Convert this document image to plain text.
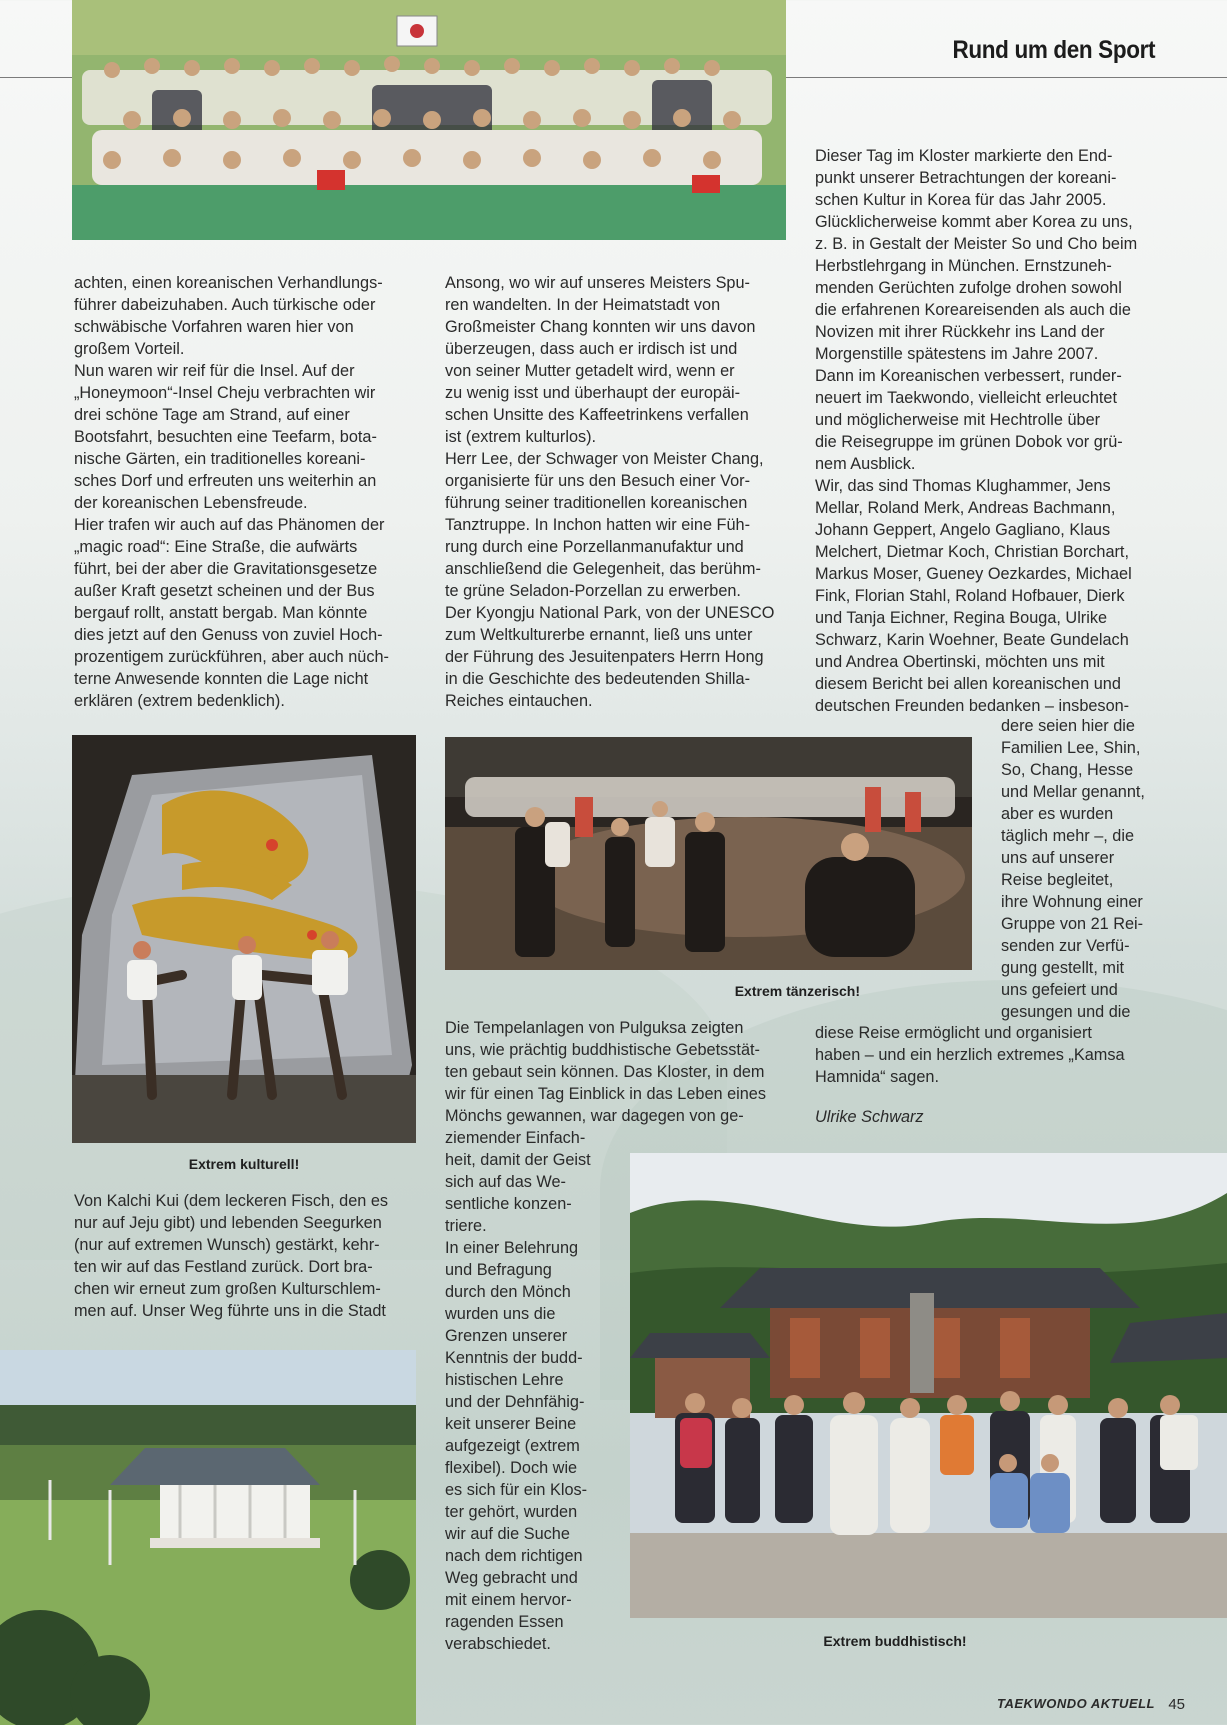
Rund um den Sport
achten, einen koreanischen Verhandlungs-
führer dabeizuhaben. Auch türkische oder
schwäbische Vorfahren waren hier von
großem Vorteil.
Nun waren wir reif für die Insel. Auf der
„Honeymoon“-Insel Cheju verbrachten wir
drei schöne Tage am Strand, auf einer
Bootsfahrt, besuchten eine Teefarm, bota-
nische Gärten, ein traditionelles koreani-
sches Dorf und erfreuten uns weiterhin an
der koreanischen Lebensfreude.
Hier trafen wir auch auf das Phänomen der
„magic road“: Eine Straße, die aufwärts
führt, bei der aber die Gravitationsgesetze
außer Kraft gesetzt scheinen und der Bus
bergauf rollt, anstatt bergab. Man könnte
dies jetzt auf den Genuss von zuviel Hoch-
prozentigem zurückführen, aber auch nüch-
terne Anwesende konnten die Lage nicht
erklären (extrem bedenklich).
Ansong, wo wir auf unseres Meisters Spu-
ren wandelten. In der Heimatstadt von
Großmeister Chang konnten wir uns davon
überzeugen, dass auch er irdisch ist und
von seiner Mutter getadelt wird, wenn er
zu wenig isst und überhaupt der europäi-
schen Unsitte des Kaffeetrinkens verfallen
ist (extrem kulturlos).
Herr Lee, der Schwager von Meister Chang,
organisierte für uns den Besuch einer Vor-
führung seiner traditionellen koreanischen
Tanztruppe. In Inchon hatten wir eine Füh-
rung durch eine Porzellanmanufaktur und
anschließend die Gelegenheit, das berühm-
te grüne Seladon-Porzellan zu erwerben.
Der Kyongju National Park, von der UNESCO
zum Weltkulturerbe ernannt, ließ uns unter
der Führung des Jesuitenpaters Herrn Hong
in die Geschichte des bedeutenden Shilla-
Reiches eintauchen.
Dieser Tag im Kloster markierte den End-
punkt unserer Betrachtungen der koreani-
schen Kultur in Korea für das Jahr 2005.
Glücklicherweise kommt aber Korea zu uns,
z. B. in Gestalt der Meister So und Cho beim
Herbstlehrgang in München. Ernstzuneh-
menden Gerüchten zufolge drohen sowohl
die erfahrenen Koreareisenden als auch die
Novizen mit ihrer Rückkehr ins Land der
Morgenstille spätestens im Jahre 2007.
Dann im Koreanischen verbessert, runder-
neuert im Taekwondo, vielleicht erleuchtet
und möglicherweise mit Hechtrolle über
die Reisegruppe im grünen Dobok vor grü-
nem Ausblick.
Wir, das sind Thomas Klughammer, Jens
Mellar, Roland Merk, Andreas Bachmann,
Johann Geppert, Angelo Gagliano, Klaus
Melchert, Dietmar Koch, Christian Borchart,
Markus Moser, Gueney Oezkardes, Michael
Fink, Florian Stahl, Roland Hofbauer, Dierk
und Tanja Eichner, Regina Bouga, Ulrike
Schwarz, Karin Woehner, Beate Gundelach
und Andrea Obertinski, möchten uns mit
diesem Bericht bei allen koreanischen und
deutschen Freunden bedanken – insbeson-
dere seien hier die
Familien Lee, Shin,
So, Chang, Hesse
und Mellar genannt,
aber es wurden
täglich mehr –, die
uns auf unserer
Reise begleitet,
ihre Wohnung einer
Gruppe von 21 Rei-
senden zur Verfü-
gung gestellt, mit
uns gefeiert und
gesungen und die
diese Reise ermöglicht und organisiert
haben – und ein herzlich extremes „Kamsa
Hamnida“ sagen.
Ulrike Schwarz
Extrem kulturell!
Von Kalchi Kui (dem leckeren Fisch, den es
nur auf Jeju gibt) und lebenden Seegurken
(nur auf extremen Wunsch) gestärkt, kehr-
ten wir auf das Festland zurück. Dort bra-
chen wir erneut zum großen Kulturschlem-
men auf. Unser Weg führte uns in die Stadt
Extrem tänzerisch!
Die Tempelanlagen von Pulguksa zeigten
uns, wie prächtig buddhistische Gebetsstät-
ten gebaut sein können. Das Kloster, in dem
wir für einen Tag Einblick in das Leben eines
Mönchs gewannen, war dagegen von ge-
ziemender Einfach-
heit, damit der Geist
sich auf das We-
sentliche konzen-
triere.
In einer Belehrung
und Befragung
durch den Mönch
wurden uns die
Grenzen unserer
Kenntnis der budd-
histischen Lehre
und der Dehnfähig-
keit unserer Beine
aufgezeigt (extrem
flexibel). Doch wie
es sich für ein Klos-
ter gehört, wurden
wir auf die Suche
nach dem richtigen
Weg gebracht und
mit einem hervor-
ragenden Essen
verabschiedet.	Extrem buddhistisch!
TAEKWONDO AKTUELL 45
